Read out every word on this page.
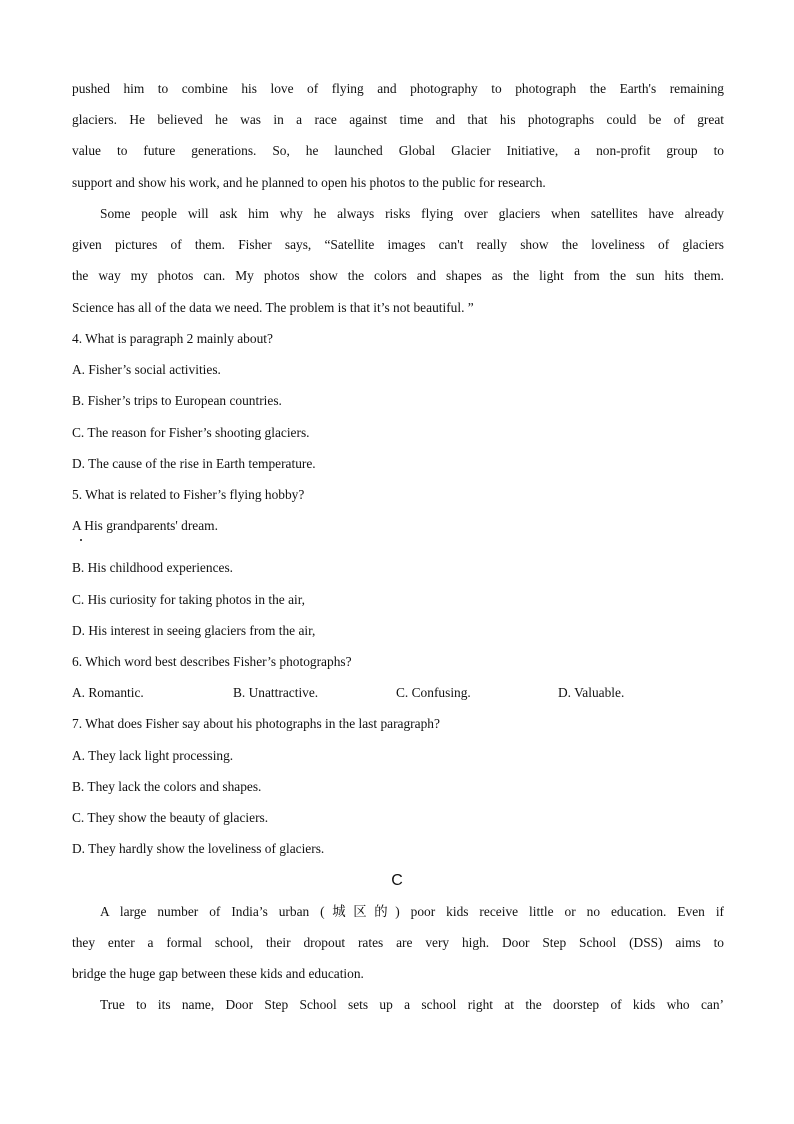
pushed him to combine his love of flying and photography to photograph the Earth's remaining
glaciers. He believed he was in a race against time and that his photographs could be of great
value to future generations. So, he launched Global Glacier Initiative, a non-profit group to
support and show his work, and he planned to open his photos to the public for research.
Some people will ask him why he always risks flying over glaciers when satellites have already
given pictures of them. Fisher says, “Satellite images can't really show the loveliness of glaciers
the way my photos can. My photos show the colors and shapes as the light from the sun hits them.
Science has all of the data we need. The problem is that it’s not beautiful. ”
4. What is paragraph 2 mainly about?
A. Fisher’s social activities.
B. Fisher’s trips to European countries.
C. The reason for Fisher’s shooting glaciers.
D. The cause of the rise in Earth temperature.
5. What is related to Fisher’s flying hobby?
A His grandparents' dream.
B. His childhood experiences.
C. His curiosity for taking photos in the air,
D. His interest in seeing glaciers from the air,
6. Which word best describes Fisher’s photographs?
A. Romantic.	B. Unattractive.	C. Confusing.	D. Valuable.
7. What does Fisher say about his photographs in the last paragraph?
A. They lack light processing.
B. They lack the colors and shapes.
C. They show the beauty of glaciers.
D. They hardly show the loveliness of glaciers.
C
A large number of India’s urban (城区的) poor kids receive little or no education. Even if
they enter a formal school, their dropout rates are very high. Door Step School (DSS) aims to
bridge the huge gap between these kids and education.
True to its name, Door Step School sets up a school right at the doorstep of kids who can’
